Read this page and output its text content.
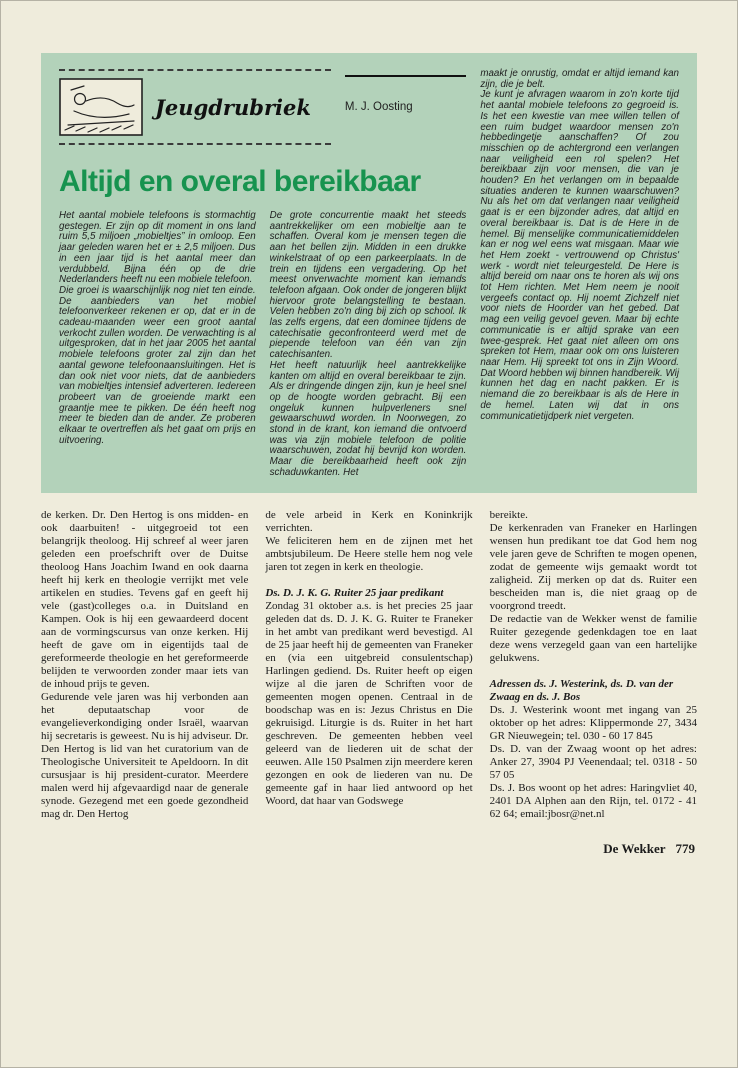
Jeugdrubriek	M. J. Oosting
Altijd en overal bereikbaar

Het aantal mobiele telefoons is stormachtig gestegen. Er zijn op dit moment in ons land ruim 5,5 miljoen „mobieltjes” in omloop. Een jaar geleden waren het er ± 2,5 miljoen. Dus in een jaar tijd is het aantal meer dan verdubbeld. Bijna één op de drie Nederlanders heeft nu een mobiele telefoon.

Die groei is waarschijnlijk nog niet ten einde. De aanbieders van het mobiel telefoonverkeer rekenen er op, dat er in de cadeau-maanden weer een groot aantal verkocht zullen worden. De verwachting is al uitgesproken, dat in het jaar 2005 het aantal mobiele telefoons groter zal zijn dan het aantal gewone telefoonaansluitingen. Het is dan ook niet voor niets, dat de aanbieders van mobieltjes intensief adverteren. Iedereen probeert van de groeiende markt een graantje mee te pikken. De één heeft nog meer te bieden dan de ander. Ze proberen elkaar te overtreffen als het gaat om prijs en uitvoering.

De grote concurrentie maakt het steeds aantrekkelijker om een mobieltje aan te schaffen. Overal kom je mensen tegen die aan het bellen zijn. Midden in een drukke winkelstraat of op een parkeerplaats. In de trein en tijdens een vergadering. Op het meest onverwachte moment kan iemands telefoon afgaan. Ook onder de jongeren blijkt hiervoor grote belangstelling te bestaan. Velen hebben zo'n ding bij zich op school. Ik las zelfs ergens, dat een dominee tijdens de catechisatie geconfronteerd werd met de piepende telefoon van één van zijn catechisanten.

Het heeft natuurlijk heel aantrekkelijke kanten om altijd en overal bereikbaar te zijn. Als er dringende dingen zijn, kun je heel snel op de hoogte worden gebracht. Bij een ongeluk kunnen hulpverleners snel gewaarschuwd worden. In Noorwegen, zo stond in de krant, kon iemand die ontvoerd was via zijn mobiele telefoon de politie waarschuwen, zodat hij bevrijd kon worden. Maar die bereikbaarheid heeft ook zijn schaduwkanten. Het

maakt je onrustig, omdat er altijd iemand kan zijn, die je belt.

Je kunt je afvragen waarom in zo'n korte tijd het aantal mobiele telefoons zo gegroeid is. Is het een kwestie van mee willen tellen of een ruim budget waardoor mensen zo'n hebbedingetje aanschaffen? Of zou misschien op de achtergrond een verlangen naar veiligheid een rol spelen? Het bereikbaar zijn voor mensen, die van je houden? En het verlangen om in bepaalde situaties anderen te kunnen waarschuwen? Nu als het om dat verlangen naar veiligheid gaat is er een bijzonder adres, dat altijd en overal bereikbaar is. Dat is de Here in de hemel. Bij menselijke communicatiemiddelen kan er nog wel eens wat misgaan. Maar wie het Hem zoekt - vertrouwend op Christus' werk - wordt niet teleurgesteld. De Here is altijd bereid om naar ons te horen als wij ons tot Hem richten. Met Hem neem je nooit vergeefs contact op. Hij noemt Zichzelf niet voor niets de Hoorder van het gebed. Dat mag een veilig gevoel geven. Maar bij echte communicatie is er altijd sprake van een twee-gesprek. Het gaat niet alleen om ons spreken tot Hem, maar ook om ons luisteren naar Hem. Hij spreekt tot ons in Zijn Woord. Dat Woord hebben wij binnen handbereik. Wij kunnen het dag en nacht pakken. Er is niemand die zo bereikbaar is als de Here in de hemel. Laten wij dat in ons communicatietijdperk niet vergeten.

de kerken. Dr. Den Hertog is ons midden- en ook daarbuiten! - uitgegroeid tot een belangrijk theoloog. Hij schreef al weer jaren geleden een proefschrift over de Duitse theoloog Hans Joachim Iwand en ook daarna heeft hij kerk en theologie verrijkt met vele artikelen en studies. Tevens gaf en geeft hij vele (gast)colleges o.a. in Duitsland en Kampen. Ook is hij een gewaardeerd docent aan de vormingscursus van onze kerken. Hij heeft de gave om in eigentijds taal de gereformeerde theologie en het gereformeerde belijden te verwoorden zonder maar iets van de inhoud prijs te geven.

Gedurende vele jaren was hij verbonden aan het deputaatschap voor de evangelieverkondiging onder Israël, waarvan hij secretaris is geweest. Nu is hij adviseur. Dr. Den Hertog is lid van het curatorium van de Theologische Universiteit te Apeldoorn. In dit cursusjaar is hij president-curator. Meerdere malen werd hij afgevaardigd naar de generale synode. Gezegend met een goede gezondheid mag dr. Den Hertog

de vele arbeid in Kerk en Koninkrijk verrichten.

We feliciteren hem en de zijnen met het ambtsjubileum. De Heere stelle hem nog vele jaren tot zegen in kerk en theologie.

Ds. D. J. K. G. Ruiter 25 jaar predikant

Zondag 31 oktober a.s. is het precies 25 jaar geleden dat ds. D. J. K. G. Ruiter te Franeker in het ambt van predikant werd bevestigd. Al de 25 jaar heeft hij de gemeenten van Franeker en (via een uitgebreid consulentschap) Harlingen gediend. Ds. Ruiter heeft op eigen wijze al die jaren de Schriften voor de gemeenten mogen openen. Centraal in de boodschap was en is: Jezus Christus en Die gekruisigd. Liturgie is ds. Ruiter in het hart geschreven. De gemeenten hebben veel geleerd van de liederen uit de schat der eeuwen. Alle 150 Psalmen zijn meerdere keren gezongen en ook de liederen van nu. De gemeente gaf in haar lied antwoord op het Woord, dat haar van Godswege

bereikte.

De kerkenraden van Franeker en Harlingen wensen hun predikant toe dat God hem nog vele jaren geve de Schriften te mogen openen, zodat de gemeente wijs gemaakt wordt tot zaligheid. Zij merken op dat ds. Ruiter een bescheiden man is, die niet graag op de voorgrond treedt.

De redactie van de Wekker wenst de familie Ruiter gezegende gedenkdagen toe en laat deze wens verzegeld gaan van een hartelijke gelukwens.

Adressen ds. J. Westerink, ds. D. van der Zwaag en ds. J. Bos

Ds. J. Westerink woont met ingang van 25 oktober op het adres: Klippermonde 27, 3434 GR Nieuwegein; tel. 030 - 60 17 845

Ds. D. van der Zwaag woont op het adres: Anker 27, 3904 PJ Veenendaal; tel. 0318 - 50 57 05

Ds. J. Bos woont op het adres: Haringvliet 40, 2401 DA Alphen aan den Rijn, tel. 0172 - 41 62 64; email:jbosr@net.nl

De Wekker 779
